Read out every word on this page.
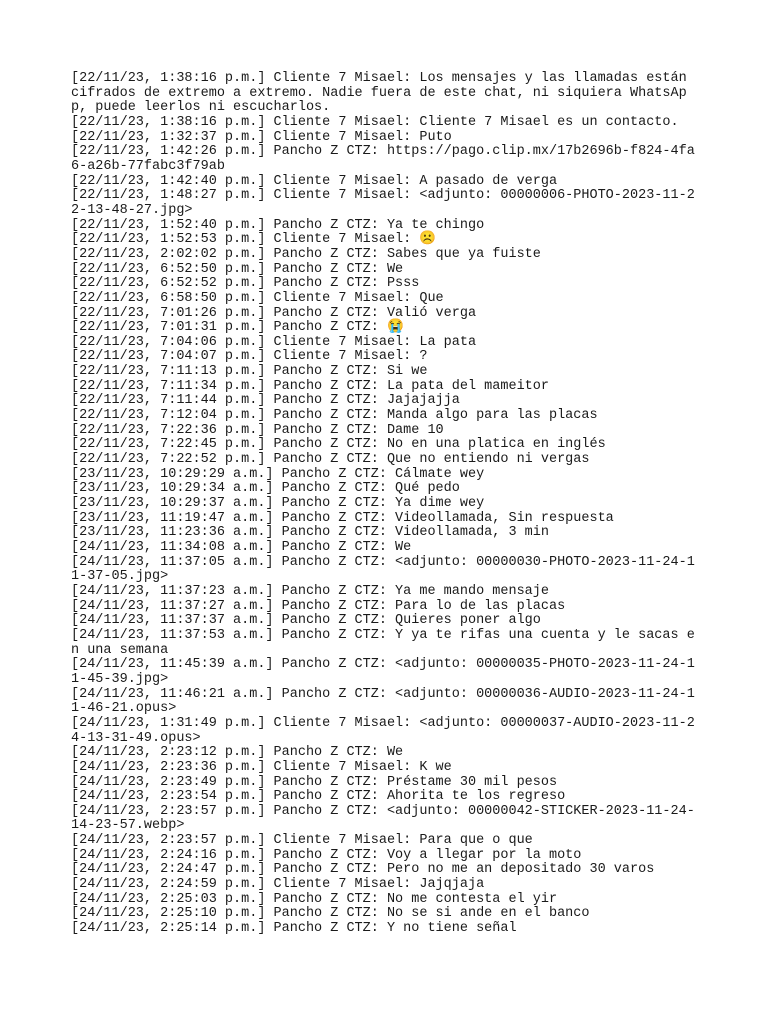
[22/11/23, 1:38:16 p.m.] Cliente 7 Misael: Los mensajes y las llamadas están cifrados de extremo a extremo. Nadie fuera de este chat, ni siquiera WhatsApp, puede leerlos ni escucharlos.
[22/11/23, 1:38:16 p.m.] Cliente 7 Misael: Cliente 7 Misael es un contacto.
[22/11/23, 1:32:37 p.m.] Cliente 7 Misael: Puto
[22/11/23, 1:42:26 p.m.] Pancho Z CTZ: https://pago.clip.mx/17b2696b-f824-4fa6-a26b-77fabc3f79ab
[22/11/23, 1:42:40 p.m.] Cliente 7 Misael: A pasado de verga
[22/11/23, 1:48:27 p.m.] Cliente 7 Misael: <adjunto: 00000006-PHOTO-2023-11-22-13-48-27.jpg>
[22/11/23, 1:52:40 p.m.] Pancho Z CTZ: Ya te chingo
[22/11/23, 1:52:53 p.m.] Cliente 7 Misael: ☹️
[22/11/23, 2:02:02 p.m.] Pancho Z CTZ: Sabes que ya fuiste
[22/11/23, 6:52:50 p.m.] Pancho Z CTZ: We
[22/11/23, 6:52:52 p.m.] Pancho Z CTZ: Psss
[22/11/23, 6:58:50 p.m.] Cliente 7 Misael: Que
[22/11/23, 7:01:26 p.m.] Pancho Z CTZ: Valió verga
[22/11/23, 7:01:31 p.m.] Pancho Z CTZ: 😭
[22/11/23, 7:04:06 p.m.] Cliente 7 Misael: La pata
[22/11/23, 7:04:07 p.m.] Cliente 7 Misael: ?
[22/11/23, 7:11:13 p.m.] Pancho Z CTZ: Si we
[22/11/23, 7:11:34 p.m.] Pancho Z CTZ: La pata del mameitor
[22/11/23, 7:11:44 p.m.] Pancho Z CTZ: Jajajajja
[22/11/23, 7:12:04 p.m.] Pancho Z CTZ: Manda algo para las placas
[22/11/23, 7:22:36 p.m.] Pancho Z CTZ: Dame 10
[22/11/23, 7:22:45 p.m.] Pancho Z CTZ: No en una platica en inglés
[22/11/23, 7:22:52 p.m.] Pancho Z CTZ: Que no entiendo ni vergas
[23/11/23, 10:29:29 a.m.] Pancho Z CTZ: Cálmate wey
[23/11/23, 10:29:34 a.m.] Pancho Z CTZ: Qué pedo
[23/11/23, 10:29:37 a.m.] Pancho Z CTZ: Ya dime wey
[23/11/23, 11:19:47 a.m.] Pancho Z CTZ: Videollamada, Sin respuesta
[23/11/23, 11:23:36 a.m.] Pancho Z CTZ: Videollamada, 3 min
[24/11/23, 11:34:08 a.m.] Pancho Z CTZ: We
[24/11/23, 11:37:05 a.m.] Pancho Z CTZ: <adjunto: 00000030-PHOTO-2023-11-24-11-37-05.jpg>
[24/11/23, 11:37:23 a.m.] Pancho Z CTZ: Ya me mando mensaje
[24/11/23, 11:37:27 a.m.] Pancho Z CTZ: Para lo de las placas
[24/11/23, 11:37:37 a.m.] Pancho Z CTZ: Quieres poner algo
[24/11/23, 11:37:53 a.m.] Pancho Z CTZ: Y ya te rifas una cuenta y le sacas en una semana
[24/11/23, 11:45:39 a.m.] Pancho Z CTZ: <adjunto: 00000035-PHOTO-2023-11-24-11-45-39.jpg>
[24/11/23, 11:46:21 a.m.] Pancho Z CTZ: <adjunto: 00000036-AUDIO-2023-11-24-11-46-21.opus>
[24/11/23, 1:31:49 p.m.] Cliente 7 Misael: <adjunto: 00000037-AUDIO-2023-11-24-13-31-49.opus>
[24/11/23, 2:23:12 p.m.] Pancho Z CTZ: We
[24/11/23, 2:23:36 p.m.] Cliente 7 Misael: K we
[24/11/23, 2:23:49 p.m.] Pancho Z CTZ: Préstame 30 mil pesos
[24/11/23, 2:23:54 p.m.] Pancho Z CTZ: Ahorita te los regreso
[24/11/23, 2:23:57 p.m.] Pancho Z CTZ: <adjunto: 00000042-STICKER-2023-11-24-14-23-57.webp>
[24/11/23, 2:23:57 p.m.] Cliente 7 Misael: Para que o que
[24/11/23, 2:24:16 p.m.] Pancho Z CTZ: Voy a llegar por la moto
[24/11/23, 2:24:47 p.m.] Pancho Z CTZ: Pero no me an depositado 30 varos
[24/11/23, 2:24:59 p.m.] Cliente 7 Misael: Jajqjaja
[24/11/23, 2:25:03 p.m.] Pancho Z CTZ: No me contesta el yir
[24/11/23, 2:25:10 p.m.] Pancho Z CTZ: No se si ande en el banco
[24/11/23, 2:25:14 p.m.] Pancho Z CTZ: Y no tiene señal
